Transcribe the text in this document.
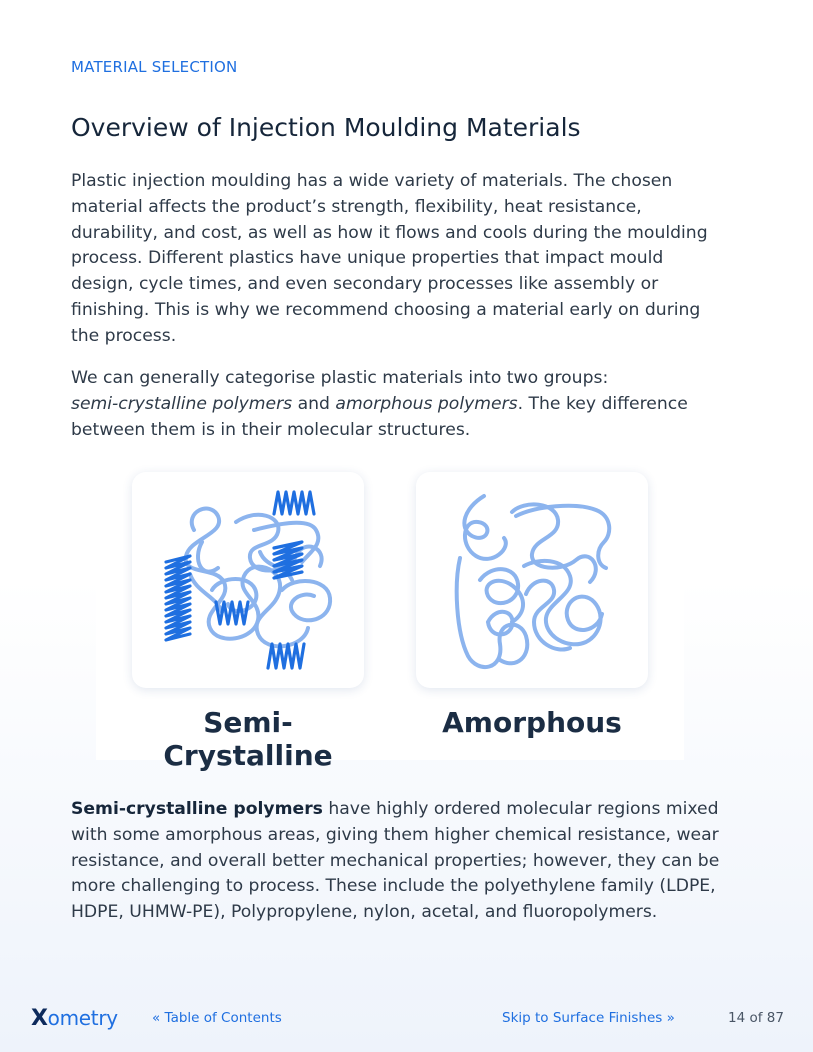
MATERIAL SELECTION
Overview of Injection Moulding Materials

Plastic injection moulding has a wide variety of materials. The chosen material affects the product’s strength, flexibility, heat resistance, durability, and cost, as well as how it flows and cools during the moulding process. Different plastics have unique properties that impact mould design, cycle times, and even secondary processes like assembly or finishing. This is why we recommend choosing a material early on during the process.

We can generally categorise plastic materials into two groups:
semi-crystalline polymers and amorphous polymers. The key difference between them is in their molecular structures.

Semi-Crystalline
Amorphous

Semi-crystalline polymers have highly ordered molecular regions mixed with some amorphous areas, giving them higher chemical resistance, wear resistance, and overall better mechanical properties; however, they can be more challenging to process. These include the polyethylene family (LDPE, HDPE, UHMW-PE), Polypropylene, nylon, acetal, and fluoropolymers.

Xometry	« Table of Contents	Skip to Surface Finishes »	14 of 87
